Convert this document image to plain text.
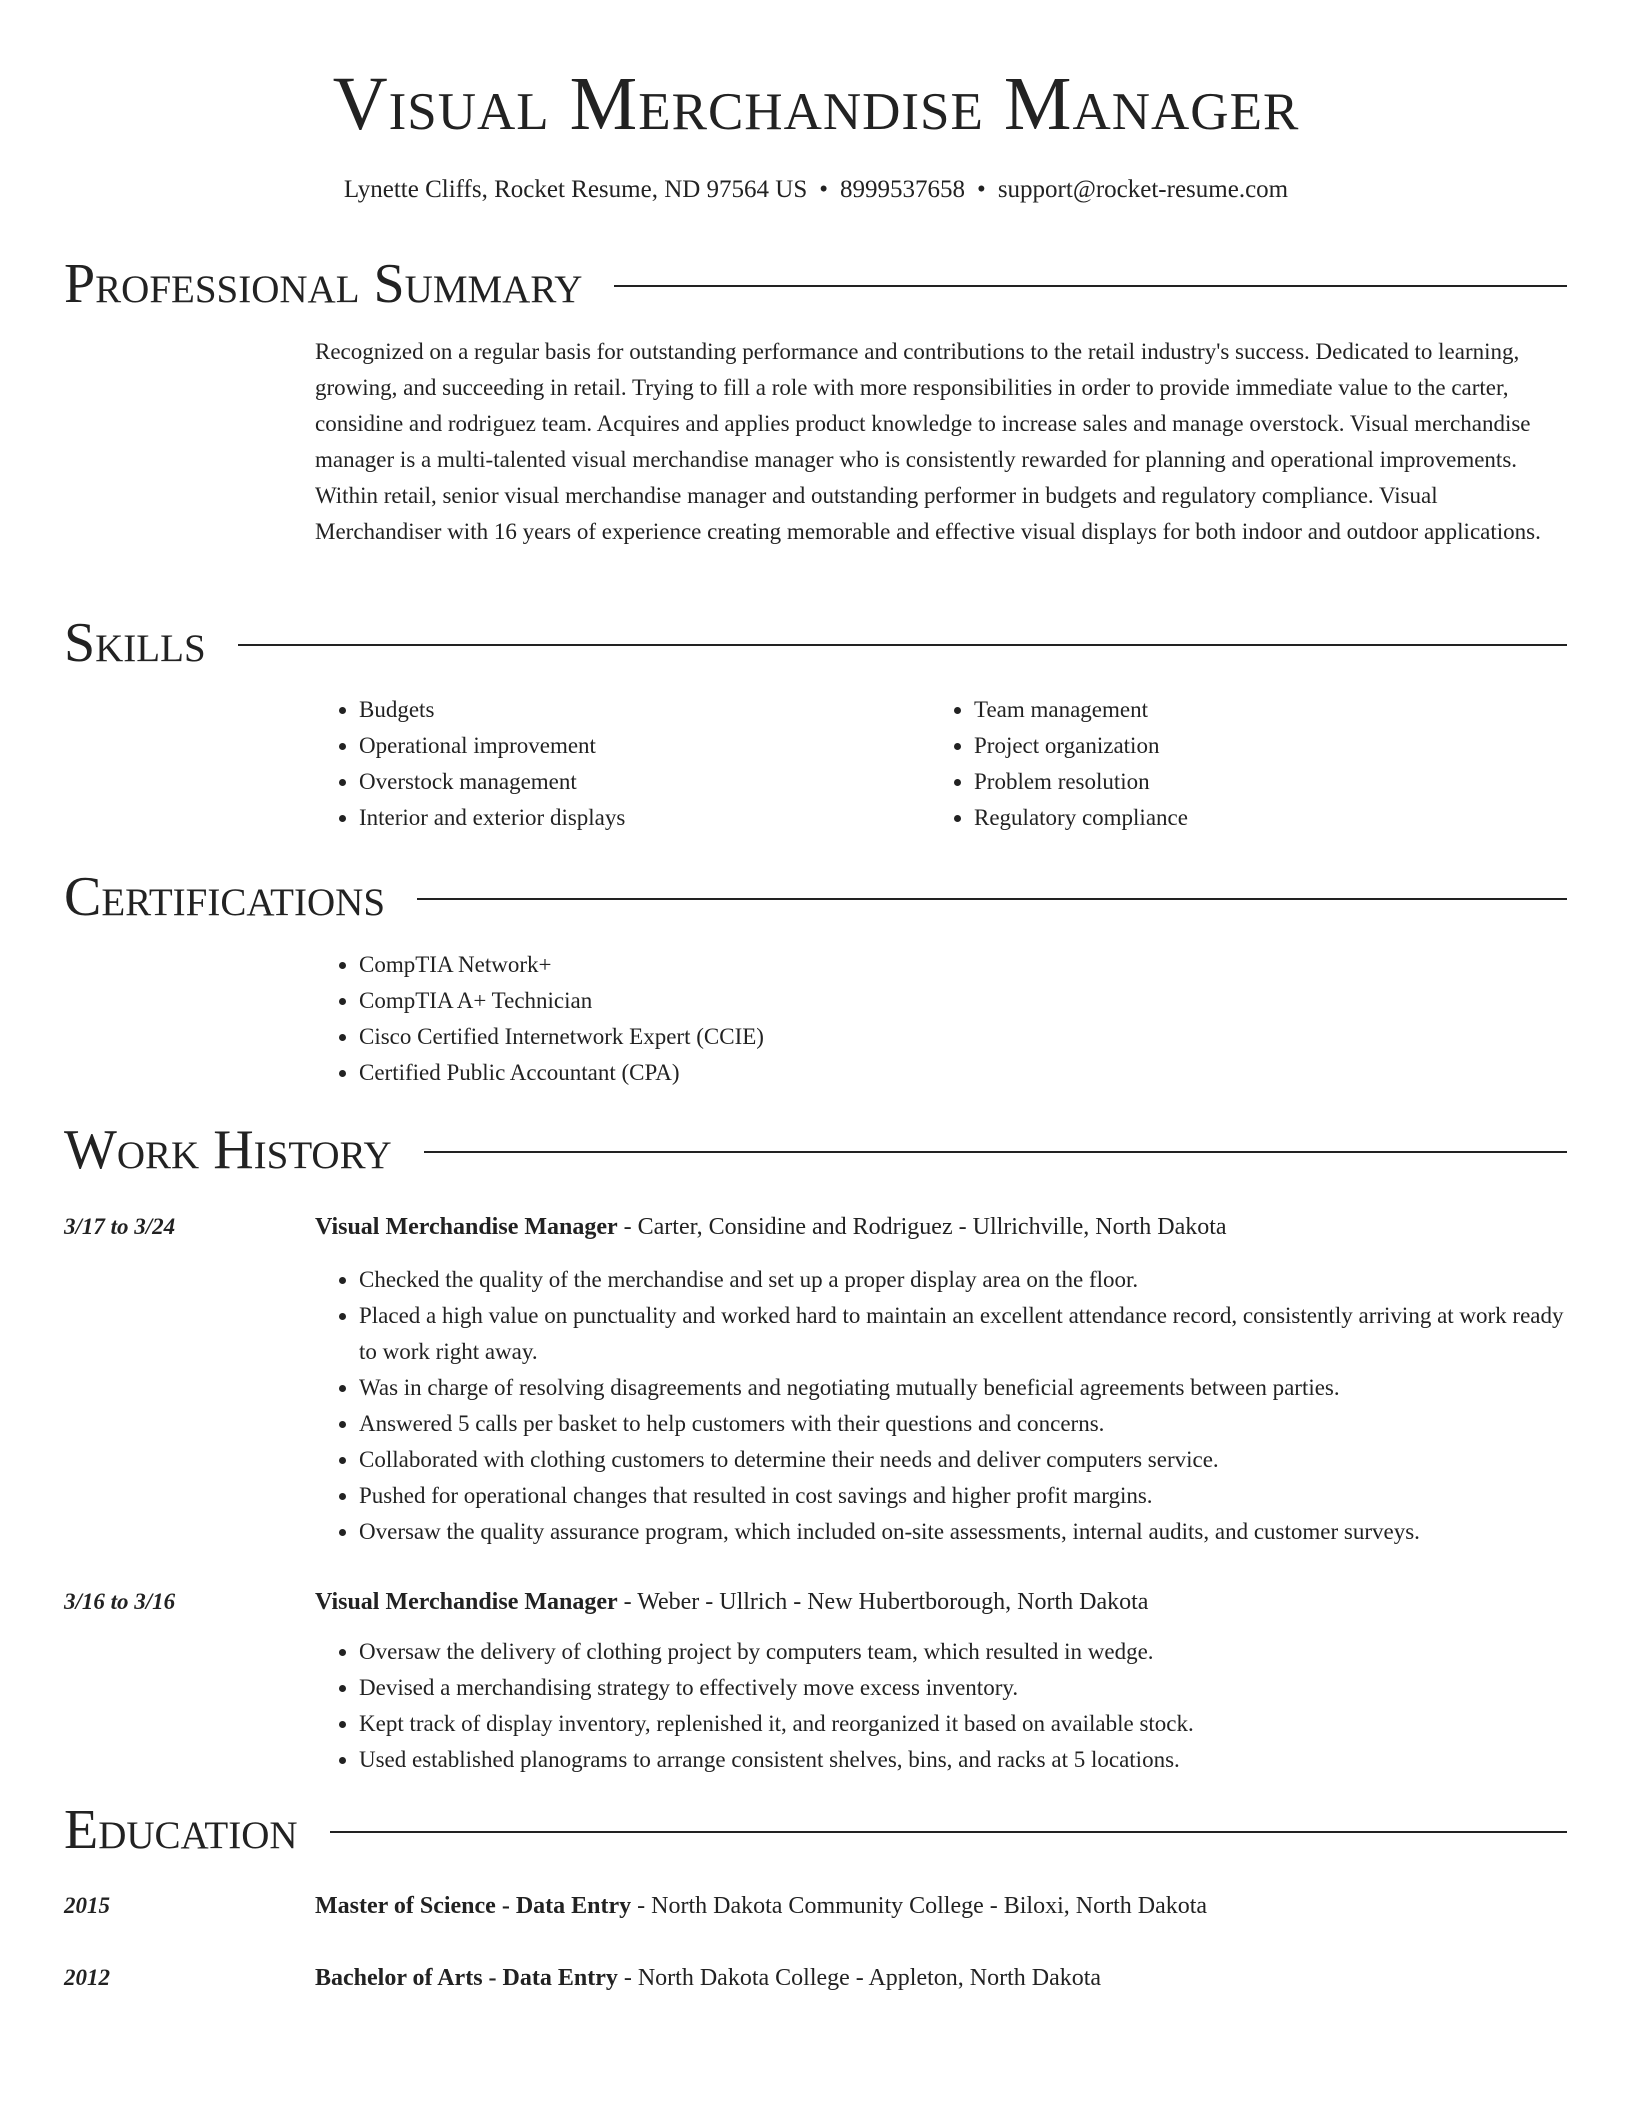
Visual Merchandise Manager
Lynette Cliffs, Rocket Resume, ND 97564 US • 8999537658 • support@rocket-resume.com
Professional Summary
Recognized on a regular basis for outstanding performance and contributions to the retail industry's success. Dedicated to learning, growing, and succeeding in retail. Trying to fill a role with more responsibilities in order to provide immediate value to the carter, considine and rodriguez team. Acquires and applies product knowledge to increase sales and manage overstock. Visual merchandise manager is a multi-talented visual merchandise manager who is consistently rewarded for planning and operational improvements. Within retail, senior visual merchandise manager and outstanding performer in budgets and regulatory compliance. Visual Merchandiser with 16 years of experience creating memorable and effective visual displays for both indoor and outdoor applications.
Skills
• Budgets
• Operational improvement
• Overstock management
• Interior and exterior displays
• Team management
• Project organization
• Problem resolution
• Regulatory compliance
Certifications
• CompTIA Network+
• CompTIA A+ Technician
• Cisco Certified Internetwork Expert (CCIE)
• Certified Public Accountant (CPA)
Work History
3/17 to 3/24	Visual Merchandise Manager - Carter, Considine and Rodriguez - Ullrichville, North Dakota
• Checked the quality of the merchandise and set up a proper display area on the floor.
• Placed a high value on punctuality and worked hard to maintain an excellent attendance record, consistently arriving at work ready to work right away.
• Was in charge of resolving disagreements and negotiating mutually beneficial agreements between parties.
• Answered 5 calls per basket to help customers with their questions and concerns.
• Collaborated with clothing customers to determine their needs and deliver computers service.
• Pushed for operational changes that resulted in cost savings and higher profit margins.
• Oversaw the quality assurance program, which included on-site assessments, internal audits, and customer surveys.
3/16 to 3/16	Visual Merchandise Manager - Weber - Ullrich - New Hubertborough, North Dakota
• Oversaw the delivery of clothing project by computers team, which resulted in wedge.
• Devised a merchandising strategy to effectively move excess inventory.
• Kept track of display inventory, replenished it, and reorganized it based on available stock.
• Used established planograms to arrange consistent shelves, bins, and racks at 5 locations.
Education
2015	Master of Science - Data Entry - North Dakota Community College - Biloxi, North Dakota
2012	Bachelor of Arts - Data Entry - North Dakota College - Appleton, North Dakota
